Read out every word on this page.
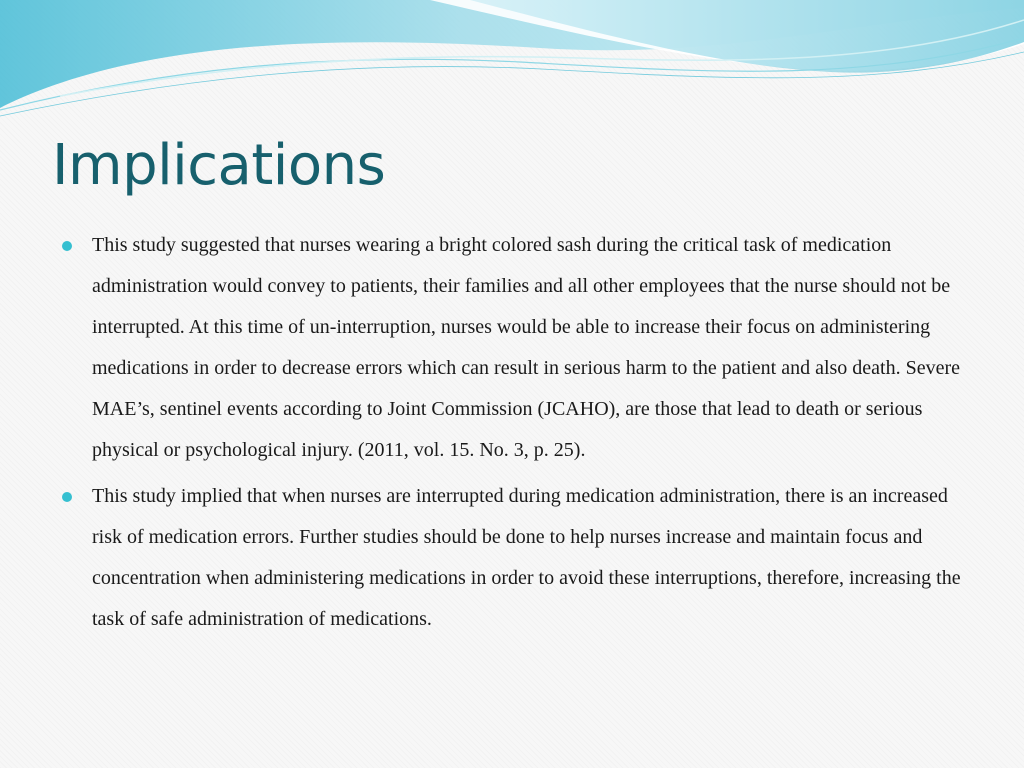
Implications
This study suggested that nurses wearing a bright colored sash during the critical task of medication administration would convey to patients, their families and all other employees that the nurse should not be interrupted. At this time of un-interruption, nurses would be able to increase their focus on administering medications in order to decrease errors which can result in serious harm to the patient and also death. Severe MAE’s, sentinel events according to Joint Commission (JCAHO), are those that lead to death or serious physical or psychological injury. (2011, vol. 15. No. 3, p. 25).
This study implied that when nurses are interrupted during medication administration, there is an increased risk of medication errors. Further studies should be done to help nurses increase and maintain focus and concentration when administering medications in order to avoid these interruptions, therefore, increasing the task of safe administration of medications.
